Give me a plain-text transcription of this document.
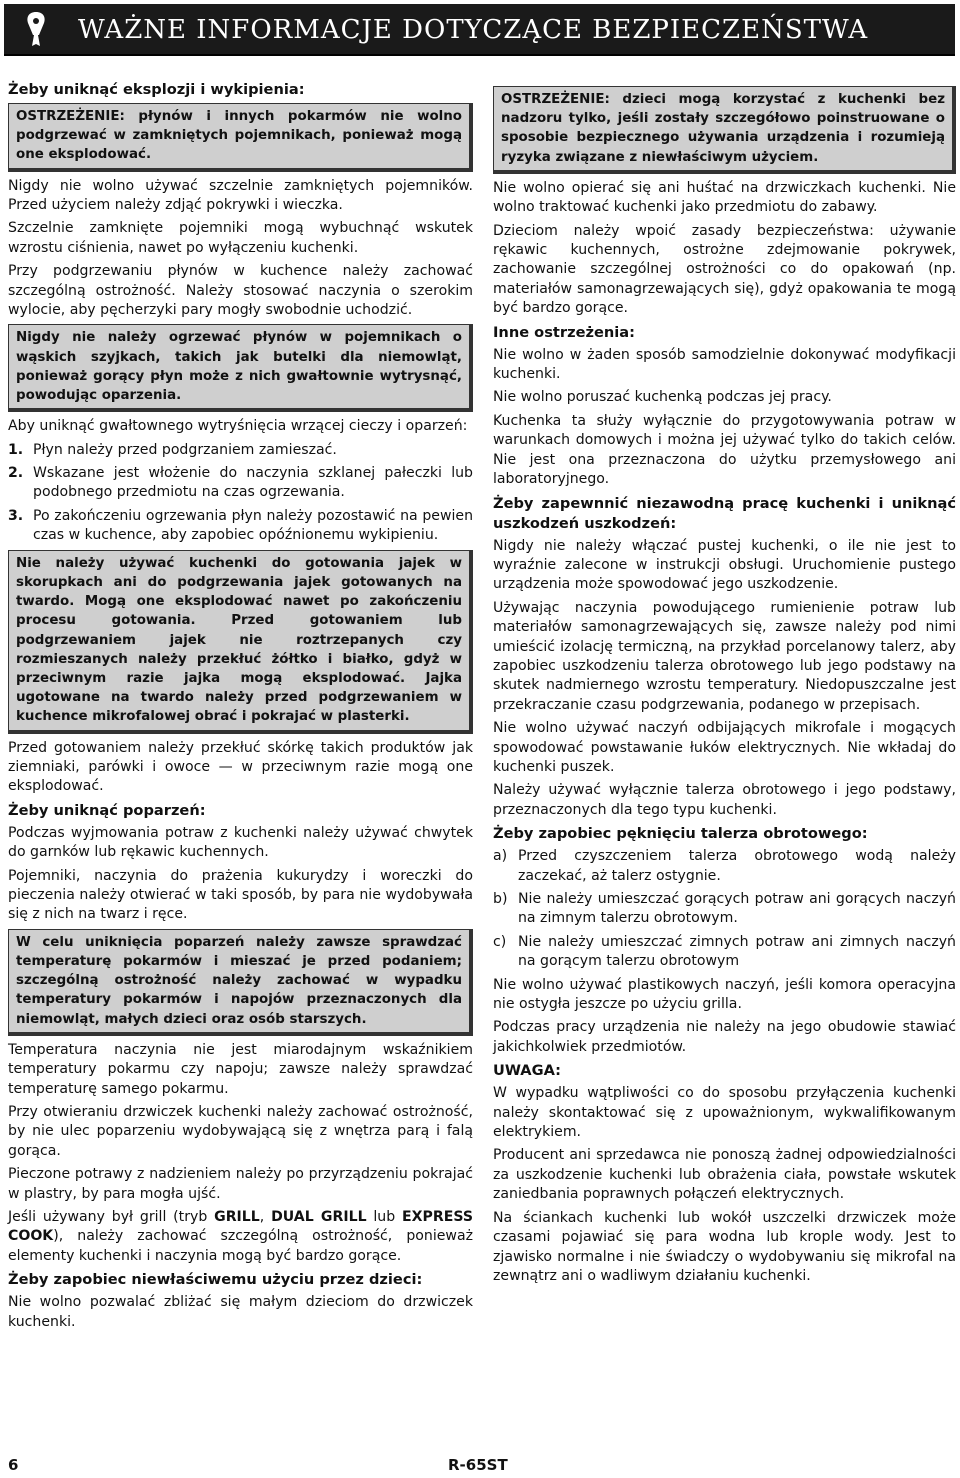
WAŻNE INFORMACJE DOTYCZĄCE BEZPIECZEŃSTWA
Żeby uniknąć eksplozji i wykipienia:
OSTRZEŻENIE: płynów i innych pokarmów nie wolno podgrzewać w zamkniętych pojemnikach, ponieważ mogą one eksplodować.

Nigdy nie wolno używać szczelnie zamkniętych pojemników. Przed użyciem należy zdjąć pokrywki i wieczka.

Szczelnie zamknięte pojemniki mogą wybuchnąć wskutek wzrostu ciśnienia, nawet po wyłączeniu kuchenki.

Przy podgrzewaniu płynów w kuchence należy zachować szczególną ostrożność. Należy stosować naczynia o szerokim wylocie, aby pęcherzyki pary mogły swobodnie uchodzić.

Nigdy nie należy ogrzewać płynów w pojemnikach o wąskich szyjkach, takich jak butelki dla niemowląt, ponieważ gorący płyn może z nich gwałtownie wytrysnąć, powodując oparzenia.

Aby uniknąć gwałtownego wytryśnięcia wrzącej cieczy i oparzeń:

1. Płyn należy przed podgrzaniem zamieszać.
2. Wskazane jest włożenie do naczynia szklanej pałeczki lub podobnego przedmiotu na czas ogrzewania.
3. Po zakończeniu ogrzewania płyn należy pozostawić na pewien czas w kuchence, aby zapobiec opóźnionemu wykipieniu.
Nie należy używać kuchenki do gotowania jajek w skorupkach ani do podgrzewania jajek gotowanych na twardo. Mogą one eksplodować nawet po zakończeniu procesu gotowania. Przed gotowaniem lub podgrzewaniem jajek nie roztrzepanych czy rozmieszanych należy przekłuć żółtko i białko, gdyż w przeciwnym razie jajka mogą eksplodować. Jajka ugotowane na twardo należy przed podgrzewaniem w kuchence mikrofalowej obrać i pokrajać w plasterki.

Przed gotowaniem należy przekłuć skórkę takich produktów jak ziemniaki, parówki i owoce — w przeciwnym razie mogą one eksplodować.

Żeby uniknąć poparzeń:

Podczas wyjmowania potraw z kuchenki należy używać chwytek do garnków lub rękawic kuchennych.

Pojemniki, naczynia do prażenia kukurydzy i woreczki do pieczenia należy otwierać w taki sposób, by para nie wydobywała się z nich na twarz i ręce.

W celu uniknięcia poparzeń należy zawsze sprawdzać temperaturę pokarmów i mieszać je przed podaniem; szczególną ostrożność należy zachować w wypadku temperatury pokarmów i napojów przeznaczonych dla niemowląt, małych dzieci oraz osób starszych.

Temperatura naczynia nie jest miarodajnym wskaźnikiem temperatury pokarmu czy napoju; zawsze należy sprawdzać temperaturę samego pokarmu.

Przy otwieraniu drzwiczek kuchenki należy zachować ostrożność, by nie ulec poparzeniu wydobywającą się z wnętrza parą i falą gorąca.

Pieczone potrawy z nadzieniem należy po przyrządzeniu pokrajać w plastry, by para mogła ujść.

Jeśli używany był grill (tryb GRILL, DUAL GRILL lub EXPRESS COOK), należy zachować szczególną ostrożność, ponieważ elementy kuchenki i naczynia mogą być bardzo gorące.

Żeby zapobiec niewłaściwemu użyciu przez dzieci:

Nie wolno pozwalać zbliżać się małym dzieciom do drzwiczek kuchenki.

OSTRZEŻENIE: dzieci mogą korzystać z kuchenki bez nadzoru tylko, jeśli zostały szczegółowo poinstruowane o sposobie bezpiecznego używania urządzenia i rozumieją ryzyka związane z niewłaściwym użyciem.

Nie wolno opierać się ani huśtać na drzwiczkach kuchenki. Nie wolno traktować kuchenki jako przedmiotu do zabawy.

Dzieciom należy wpoić zasady bezpieczeństwa: używanie rękawic kuchennych, ostrożne zdejmowanie pokrywek, zachowanie szczególnej ostrożności co do opakowań (np. materiałów samonagrzewających się), gdyż opakowania te mogą być bardzo gorące.

Inne ostrzeżenia:

Nie wolno w żaden sposób samodzielnie dokonywać modyfikacji kuchenki.

Nie wolno poruszać kuchenką podczas jej pracy.

Kuchenka ta służy wyłącznie do przygotowywania potraw w warunkach domowych i można jej używać tylko do takich celów. Nie jest ona przeznaczona do użytku przemysłowego ani laboratoryjnego.

Żeby zapewnnić niezawodną pracę kuchenki i uniknąć uszkodzeń uszkodzeń:

Nigdy nie należy włączać pustej kuchenki, o ile nie jest to wyraźnie zalecone w instrukcji obsługi. Uruchomienie pustego urządzenia może spowodować jego uszkodzenie.

Używając naczynia powodującego rumienienie potraw lub materiałów samonagrzewających się, zawsze należy pod nimi umieścić izolację termiczną, na przykład porcelanowy talerz, aby zapobiec uszkodzeniu talerza obrotowego lub jego podstawy na skutek nadmiernego wzrostu temperatury. Niedopuszczalne jest przekraczanie czasu podgrzewania, podanego w przepisach.

Nie wolno używać naczyń odbijających mikrofale i mogących spowodować powstawanie łuków elektrycznych. Nie wkładaj do kuchenki puszek.

Należy używać wyłącznie talerza obrotowego i jego podstawy, przeznaczonych dla tego typu kuchenki.

Żeby zapobiec pęknięciu talerza obrotowego:
a) Przed czyszczeniem talerza obrotowego wodą należy zaczekać, aż talerz ostygnie.
b) Nie należy umieszczać gorących potraw ani gorących naczyń na zimnym talerzu obrotowym.
c) Nie należy umieszczać zimnych potraw ani zimnych naczyń na gorącym talerzu obrotowym

Nie wolno używać plastikowych naczyń, jeśli komora operacyjna nie ostygła jeszcze po użyciu grilla.

Podczas pracy urządzenia nie należy na jego obudowie stawiać jakichkolwiek przedmiotów.

UWAGA:

W wypadku wątpliwości co do sposobu przyłączenia kuchenki należy skontaktować się z upoważnionym, wykwalifikowanym elektrykiem.

Producent ani sprzedawca nie ponoszą żadnej odpowiedzialności za uszkodzenie kuchenki lub obrażenia ciała, powstałe wskutek zaniedbania poprawnych połączeń elektrycznych.

Na ściankach kuchenki lub wokół uszczelki drzwiczek może czasami pojawiać się para wodna lub krople wody. Jest to zjawisko normalne i nie świadczy o wydobywaniu się mikrofal na zewnątrz ani o wadliwym działaniu kuchenki.

6	R-65ST
